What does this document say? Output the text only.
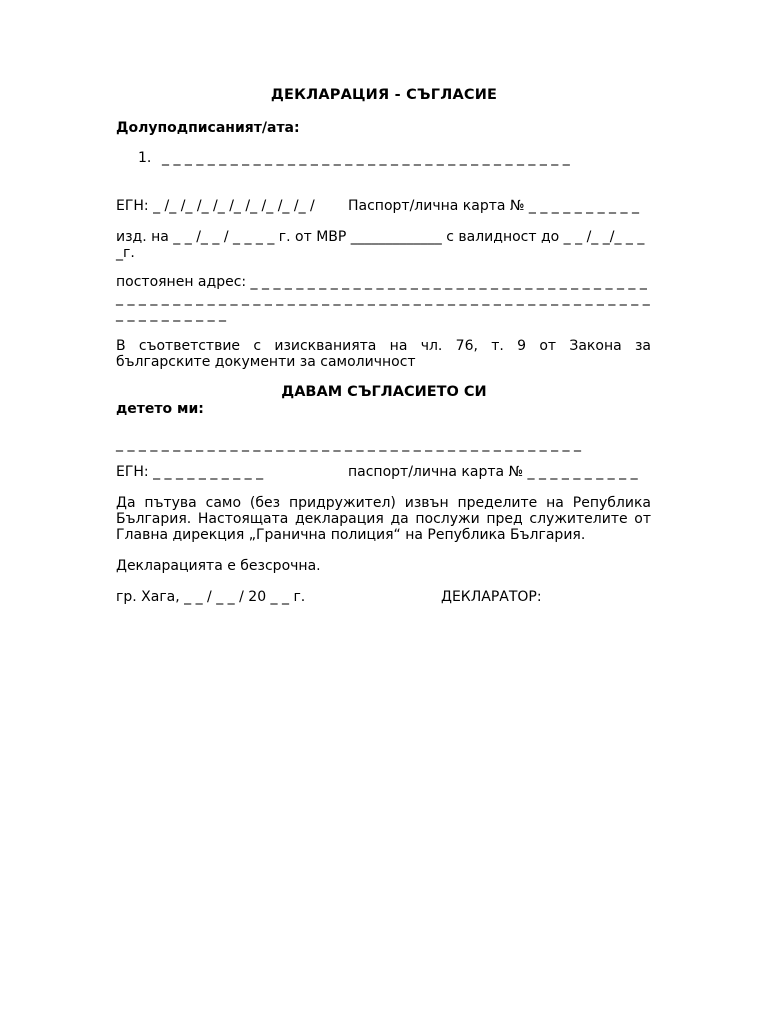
ДЕКЛАРАЦИЯ - СЪГЛАСИЕ
Долуподписаният/ата:
1. _ _ _ _ _ _ _ _ _ _ _ _ _ _ _ _ _ _ _ _ _ _ _ _ _ _ _ _ _ _ _ _ _ _ _ _
ЕГН: _ /_ /_ /_ /_ /_ /_ /_ /_ /_ / Паспорт/лична карта № _ _ _ _ _ _ _ _ _ _
изд. на _ _ /_ _ / _ _ _ _ г. от МВР _____________ с валидност до _ _ /_ _/_ _ _ _г.
постоянен адрес: _ _ _ _ _ _ _ _ _ _ _ _ _ _ _ _ _ _ _ _ _ _ _ _ _ _ _ _ _ _ _ _ _ _ _ _ _ _ _ _ _ _ _ _ _ _ _ _ _ _ _ _ _ _ _ _ _ _ _ _ _ _ _ _ _ _ _ _ _ _ _ _ _ _ _ _ _ _ _ _ _ _ _ _ _ _ _ _ _ _ _ _
В съответствие с изискванията на чл. 76, т. 9 от Закона за българските документи за самоличност
ДАВАМ СЪГЛАСИЕТО СИ
детето ми:
_ _ _ _ _ _ _ _ _ _ _ _ _ _ _ _ _ _ _ _ _ _ _ _ _ _ _ _ _ _ _ _ _ _ _ _ _ _ _ _ _
ЕГН: _ _ _ _ _ _ _ _ _ _	паспорт/лична карта № _ _ _ _ _ _ _ _ _ _
Да пътува само (без придружител) извън пределите на Република България. Настоящата декларация да послужи пред служителите от Главна дирекция „Гранична полиция“ на Република България.
Декларацията е безсрочна.
гр. Хага, _ _ / _ _ / 20 _ _ г.	ДЕКЛАРАТОР:
